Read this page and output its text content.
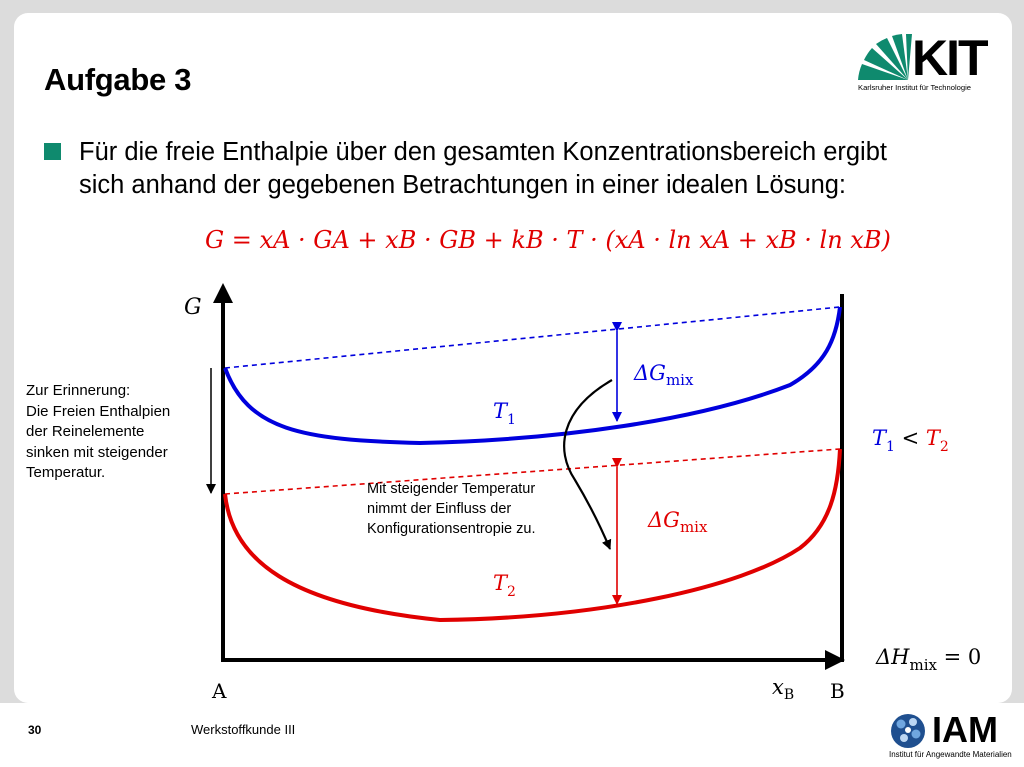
KIT
Karlsruher Institut für Technologie
Aufgabe 3
Für die freie Enthalpie über den gesamten Konzentrationsbereich ergibt
sich anhand der gegebenen Betrachtungen in einer idealen Lösung:
G = xA · GA + xB · GB + kB · T · (xA · ln xA + xB · ln xB)
Zur Erinnerung:
Die Freien Enthalpien
der Reinelemente
sinken mit steigender
Temperatur.
Mit steigender Temperatur
nimmt der Einfluss der
Konfigurationsentropie zu.
G
A	B
$x_B$
$T_1$
$T_2$
$\Delta G_{mix}$
$\Delta G_{mix}$
$T_1 < T_2$
$\Delta H_{mix} = 0$
30	Werkstoffkunde III	IAM
Institut für Angewandte Materialien
